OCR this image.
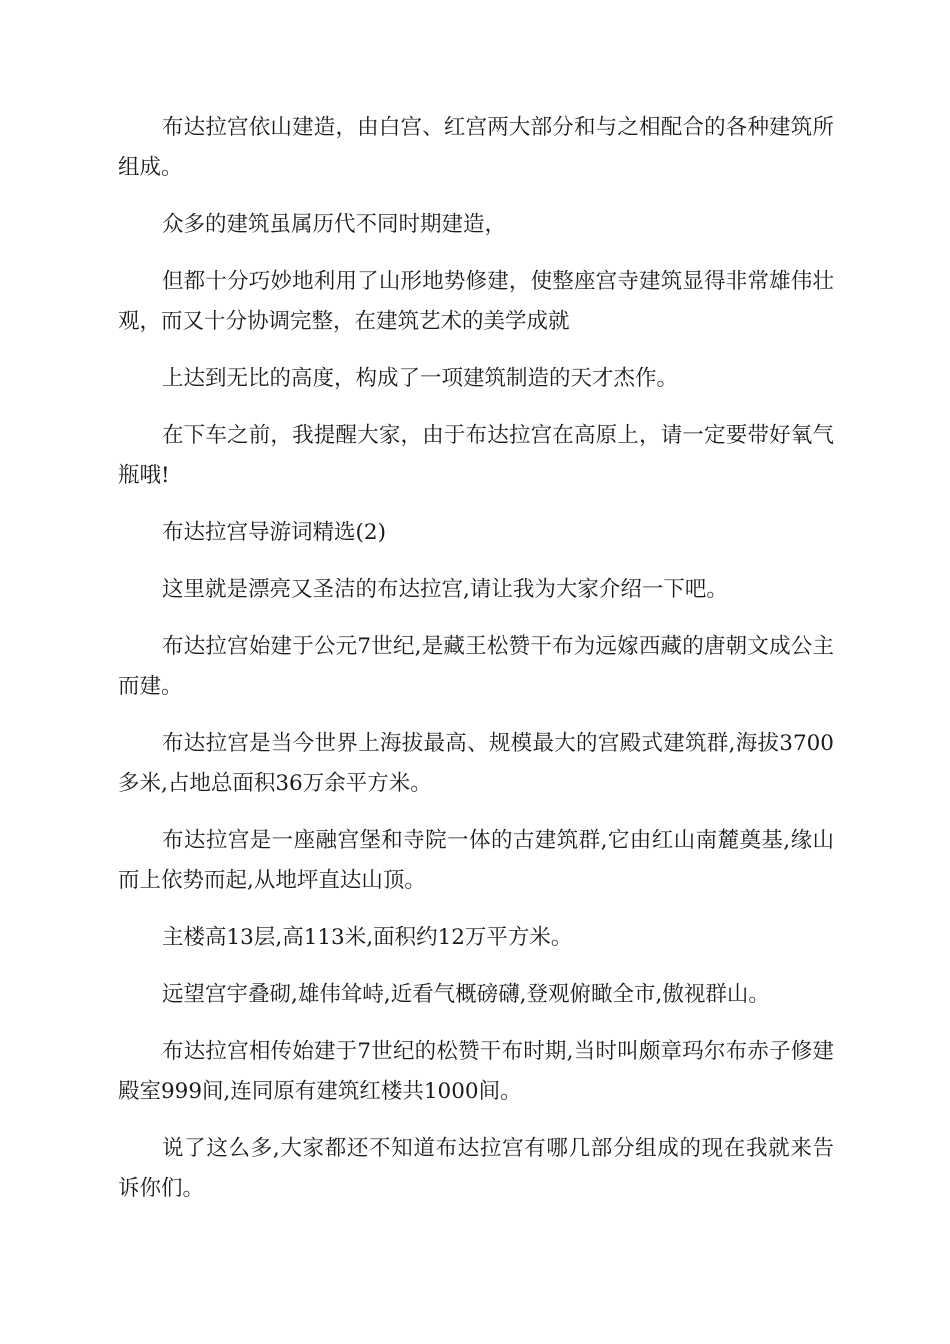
布达拉宫依山建造，由白宫、红宫两大部分和与之相配合的各种建筑所组成。

众多的建筑虽属历代不同时期建造，

但都十分巧妙地利用了山形地势修建，使整座宫寺建筑显得非常雄伟壮观，而又十分协调完整，在建筑艺术的美学成就

上达到无比的高度，构成了一项建筑制造的天才杰作。

在下车之前，我提醒大家，由于布达拉宫在高原上，请一定要带好氧气瓶哦!

布达拉宫导游词精选(2)

这里就是漂亮又圣洁的布达拉宫,请让我为大家介绍一下吧。

布达拉宫始建于公元7世纪,是藏王松赞干布为远嫁西藏的唐朝文成公主而建。

布达拉宫是当今世界上海拔最高、规模最大的宫殿式建筑群,海拔3700多米,占地总面积36万余平方米。

布达拉宫是一座融宫堡和寺院一体的古建筑群,它由红山南麓奠基,缘山而上依势而起,从地坪直达山顶。

主楼高13层,高113米,面积约12万平方米。

远望宫宇叠砌,雄伟耸峙,近看气概磅礴,登观俯瞰全市,傲视群山。

布达拉宫相传始建于7世纪的松赞干布时期,当时叫颇章玛尔布赤子修建殿室999间,连同原有建筑红楼共1000间。

说了这么多,大家都还不知道布达拉宫有哪几部分组成的现在我就来告诉你们。
